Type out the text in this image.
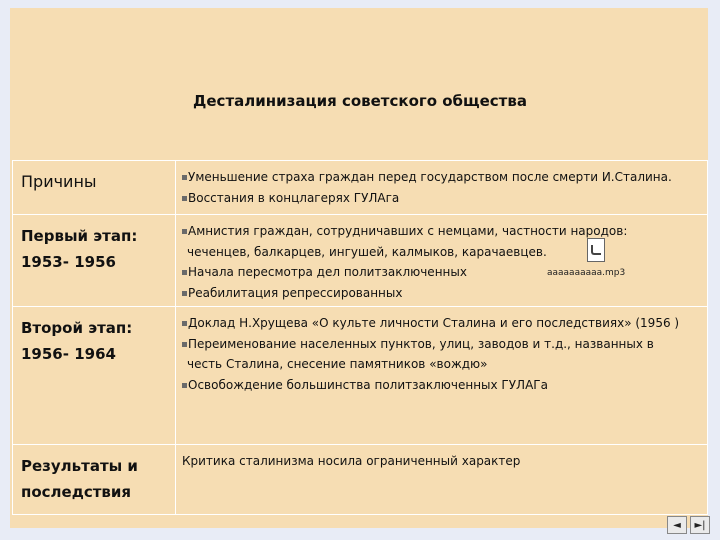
Десталинизация советского общества
Причины	Уменьшение страха граждан перед государством после смерти И.Сталина.
Восстания в концлагерях ГУЛАга

Первый этап: 1953- 1956	Амнистия граждан, сотрудничавших с немцами, частности народов:
чеченцев, балкарцев, ингушей, калмыков, карачаевцев.
Начала пересмотра дел политзаключенных
Реабилитация репрессированных

Второй этап: 1956- 1964	Доклад Н.Хрущева «О культе личности Сталина и его последствиях» (1956 )
Переименование населенных пунктов, улиц, заводов и т.д., названных в
честь Сталина, снесение памятников «вождю»
Освобождение большинства политзаключенных ГУЛАГа

Результаты и последствия	Критика сталинизма носила ограниченный характер
аааааааааа.mp3
◄	►|
